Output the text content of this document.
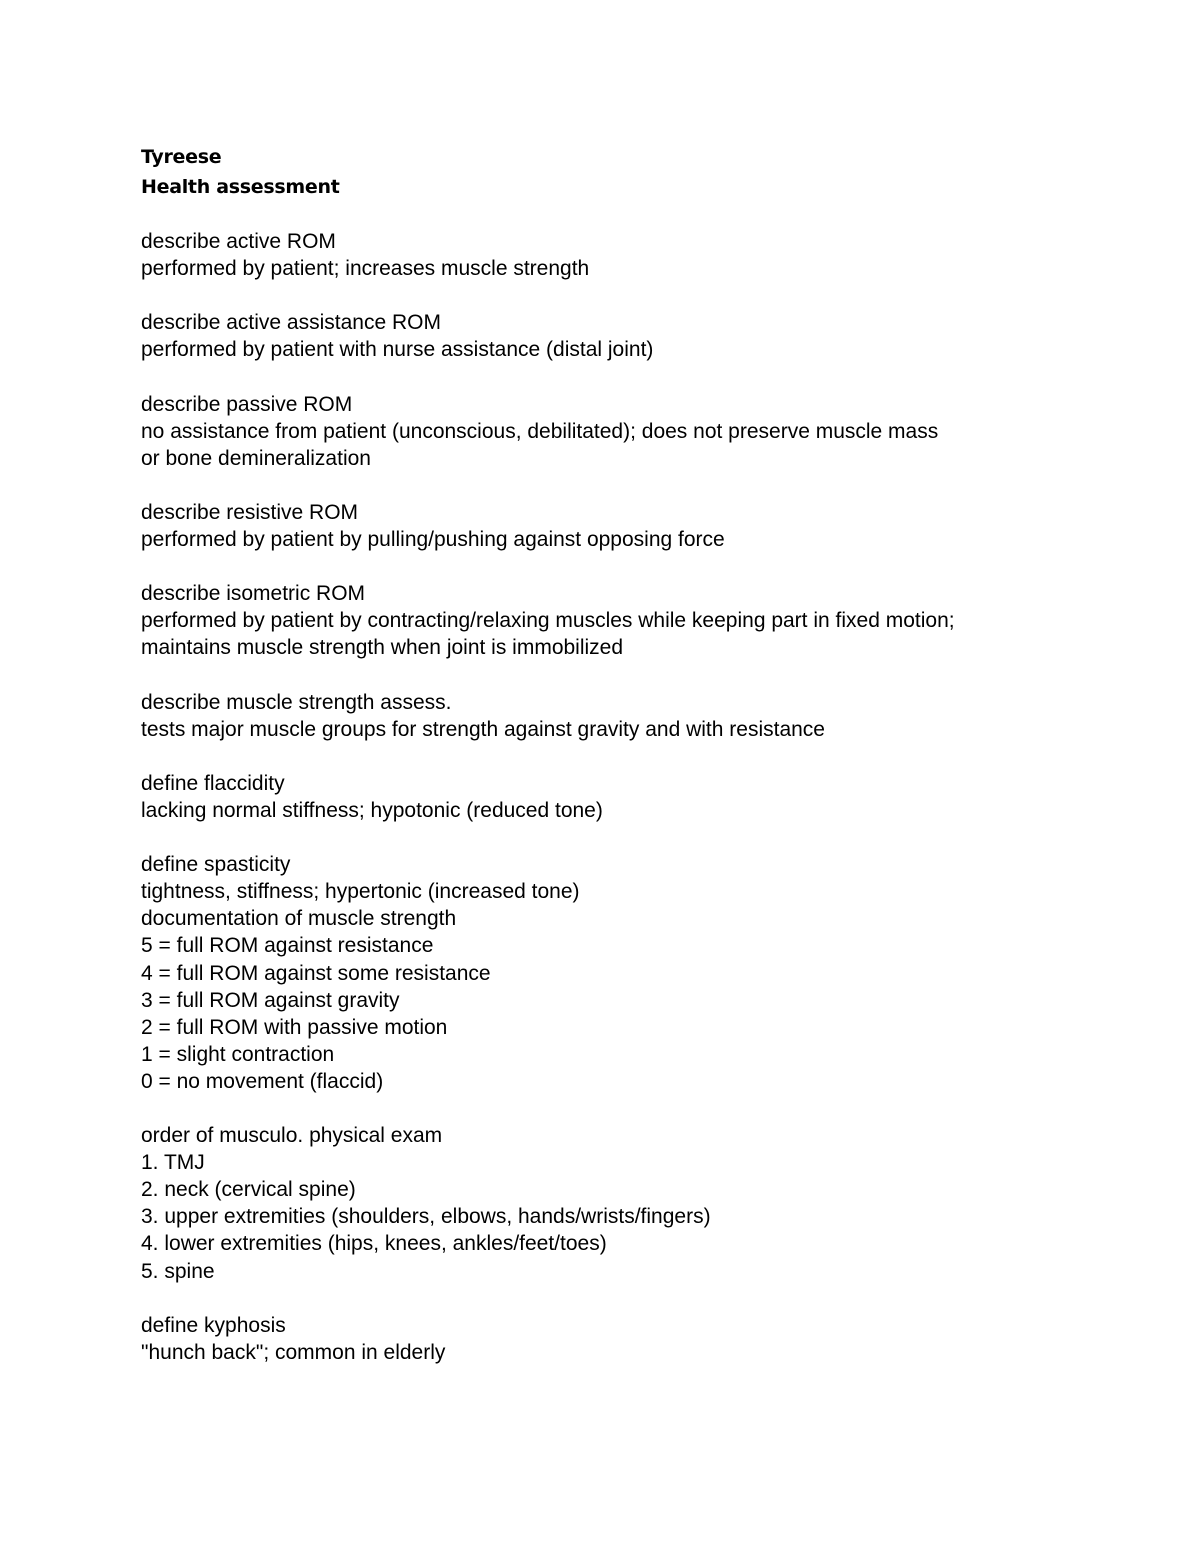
Tyreese
Health assessment
describe active ROM
performed by patient; increases muscle strength
describe active assistance ROM
performed by patient with nurse assistance (distal joint)
describe passive ROM
no assistance from patient (unconscious, debilitated); does not preserve muscle mass
or bone demineralization
describe resistive ROM
performed by patient by pulling/pushing against opposing force
describe isometric ROM
performed by patient by contracting/relaxing muscles while keeping part in fixed motion;
maintains muscle strength when joint is immobilized
describe muscle strength assess.
tests major muscle groups for strength against gravity and with resistance
define flaccidity
lacking normal stiffness; hypotonic (reduced tone)
define spasticity
tightness, stiffness; hypertonic (increased tone)
documentation of muscle strength
5 = full ROM against resistance
4 = full ROM against some resistance
3 = full ROM against gravity
2 = full ROM with passive motion
1 = slight contraction
0 = no movement (flaccid)
order of musculo. physical exam
1. TMJ
2. neck (cervical spine)
3. upper extremities (shoulders, elbows, hands/wrists/fingers)
4. lower extremities (hips, knees, ankles/feet/toes)
5. spine
define kyphosis
"hunch back"; common in elderly
